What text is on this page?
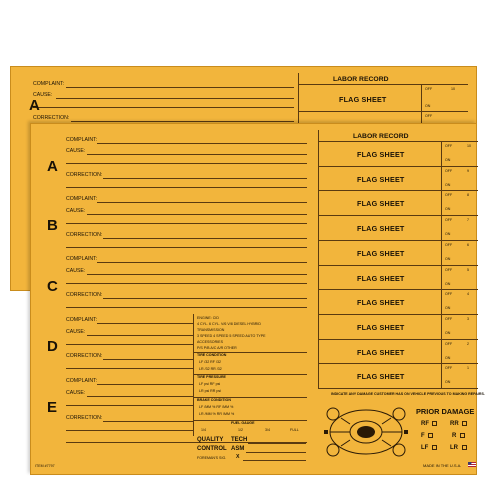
COMPLAINT:
CAUSE:
A
CORRECTION:
LABOR RECORD
FLAG SHEET
OFF	10
ON
OFF
COMPLAINT:
CAUSE:
A CORRECTION:
COMPLAINT:
CAUSE:
B
CORRECTION:
COMPLAINT:
CAUSE:
C CORRECTION:
COMPLAINT:
CAUSE:
D
CORRECTION:
COMPLAINT:
CAUSE:
E
CORRECTION:
ENGINE: CID
4 CYL. 6 CYL. V/6 V/8 DIESEL HYBRID
TRANSMISSION
3 SPEED 4 SPEED 5 SPEED AUTO TYPE
ACCESSORIES
P/S P/B A/C A/R OTHER
TIRE CONDITION
LF /32 RF /32
LR /32 RR /32
TIRE PRESSURE
LF psi RF psi
LR psi RR psi
BRAKE CONDITION
LF /MM % RF /MM %
LR /MM % RR /MM %
FUEL GAUGE
1/4	1/2	3/4	FULL
QUALITY TECH
CONTROL ASM
FOREMAN'S SIG. X
ITEM #7797
LABOR RECORD
FLAG SHEET
OFF	10
ON
FLAG SHEET
OFF	9
ON
FLAG SHEET
OFF	8
ON
FLAG SHEET
OFF	7
ON
FLAG SHEET
OFF	6
ON
FLAG SHEET
OFF	5
ON
FLAG SHEET
OFF	4
ON
FLAG SHEET
OFF	3
ON
FLAG SHEET
OFF	2
ON
FLAG SHEET
OFF	1
ON
INDICATE ANY DAMAGE CUSTOMER HAS ON VEHICLE PREVIOUS TO MAKING REPAIRS.
PRIOR DAMAGE
RF	RR
F	R
LF	LR
MADE IN THE U.S.A.
